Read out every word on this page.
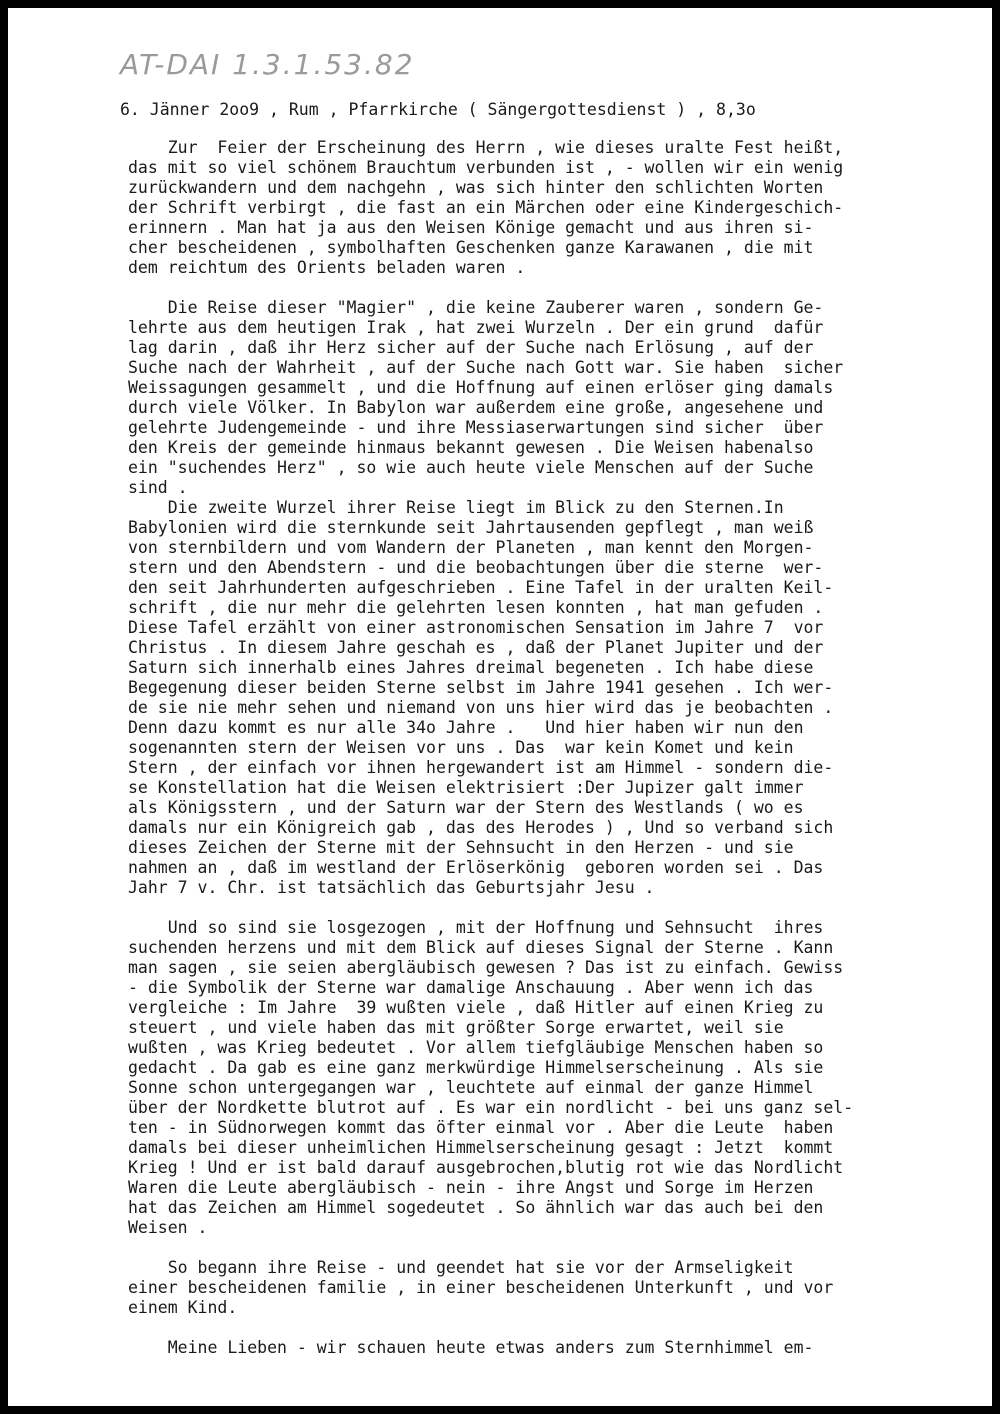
AT-DAI 1.3.1.53.82
6. Jänner 2oo9 , Rum , Pfarrkirche ( Sängergottesdienst ) , 8,3o
Zur  Feier der Erscheinung des Herrn , wie dieses uralte Fest heißt,
das mit so viel schönem Brauchtum verbunden ist , - wollen wir ein wenig
zurückwandern und dem nachgehn , was sich hinter den schlichten Worten
der Schrift verbirgt , die fast an ein Märchen oder eine Kindergeschich-
erinnern . Man hat ja aus den Weisen Könige gemacht und aus ihren si-
cher bescheidenen , symbolhaften Geschenken ganze Karawanen , die mit
dem reichtum des Orients beladen waren .
Die Reise dieser "Magier" , die keine Zauberer waren , sondern Ge-
lehrte aus dem heutigen Irak , hat zwei Wurzeln . Der ein grund  dafür
lag darin , daß ihr Herz sicher auf der Suche nach Erlösung , auf der
Suche nach der Wahrheit , auf der Suche nach Gott war. Sie haben  sicher
Weissagungen gesammelt , und die Hoffnung auf einen erlöser ging damals
durch viele Völker. In Babylon war außerdem eine große, angesehene und
gelehrte Judengemeinde - und ihre Messiaserwartungen sind sicher  über
den Kreis der gemeinde hinmaus bekannt gewesen . Die Weisen habenalso
ein "suchendes Herz" , so wie auch heute viele Menschen auf der Suche
sind .
Die zweite Wurzel ihrer Reise liegt im Blick zu den Sternen.In
Babylonien wird die sternkunde seit Jahrtausenden gepflegt , man weiß
von sternbildern und vom Wandern der Planeten , man kennt den Morgen-
stern und den Abendstern - und die beobachtungen über die sterne  wer-
den seit Jahrhunderten aufgeschrieben . Eine Tafel in der uralten Keil-
schrift , die nur mehr die gelehrten lesen konnten , hat man gefuden .
Diese Tafel erzählt von einer astronomischen Sensation im Jahre 7  vor
Christus . In diesem Jahre geschah es , daß der Planet Jupiter und der
Saturn sich innerhalb eines Jahres dreimal begeneten . Ich habe diese
Begegenung dieser beiden Sterne selbst im Jahre 1941 gesehen . Ich wer-
de sie nie mehr sehen und niemand von uns hier wird das je beobachten .
Denn dazu kommt es nur alle 34o Jahre .   Und hier haben wir nun den
sogenannten stern der Weisen vor uns . Das  war kein Komet und kein
Stern , der einfach vor ihnen hergewandert ist am Himmel - sondern die-
se Konstellation hat die Weisen elektrisiert :Der Jupizer galt immer
als Königsstern , und der Saturn war der Stern des Westlands ( wo es
damals nur ein Königreich gab , das des Herodes ) , Und so verband sich
dieses Zeichen der Sterne mit der Sehnsucht in den Herzen - und sie
nahmen an , daß im westland der Erlöserkönig  geboren worden sei . Das
Jahr 7 v. Chr. ist tatsächlich das Geburtsjahr Jesu .
Und so sind sie losgezogen , mit der Hoffnung und Sehnsucht  ihres
suchenden herzens und mit dem Blick auf dieses Signal der Sterne . Kann
man sagen , sie seien abergläubisch gewesen ? Das ist zu einfach. Gewiss
- die Symbolik der Sterne war damalige Anschauung . Aber wenn ich das
vergleiche : Im Jahre  39 wußten viele , daß Hitler auf einen Krieg zu
steuert , und viele haben das mit größter Sorge erwartet, weil sie
wußten , was Krieg bedeutet . Vor allem tiefgläubige Menschen haben so
gedacht . Da gab es eine ganz merkwürdige Himmelserscheinung . Als sie
Sonne schon untergegangen war , leuchtete auf einmal der ganze Himmel
über der Nordkette blutrot auf . Es war ein nordlicht - bei uns ganz sel-
ten - in Südnorwegen kommt das öfter einmal vor . Aber die Leute  haben
damals bei dieser unheimlichen Himmelserscheinung gesagt : Jetzt  kommt
Krieg ! Und er ist bald darauf ausgebrochen,blutig rot wie das Nordlicht
Waren die Leute abergläubisch - nein - ihre Angst und Sorge im Herzen
hat das Zeichen am Himmel sogedeutet . So ähnlich war das auch bei den
Weisen .
So begann ihre Reise - und geendet hat sie vor der Armseligkeit
einer bescheidenen familie , in einer bescheidenen Unterkunft , und vor
einem Kind.
Meine Lieben - wir schauen heute etwas anders zum Sternhimmel em-
